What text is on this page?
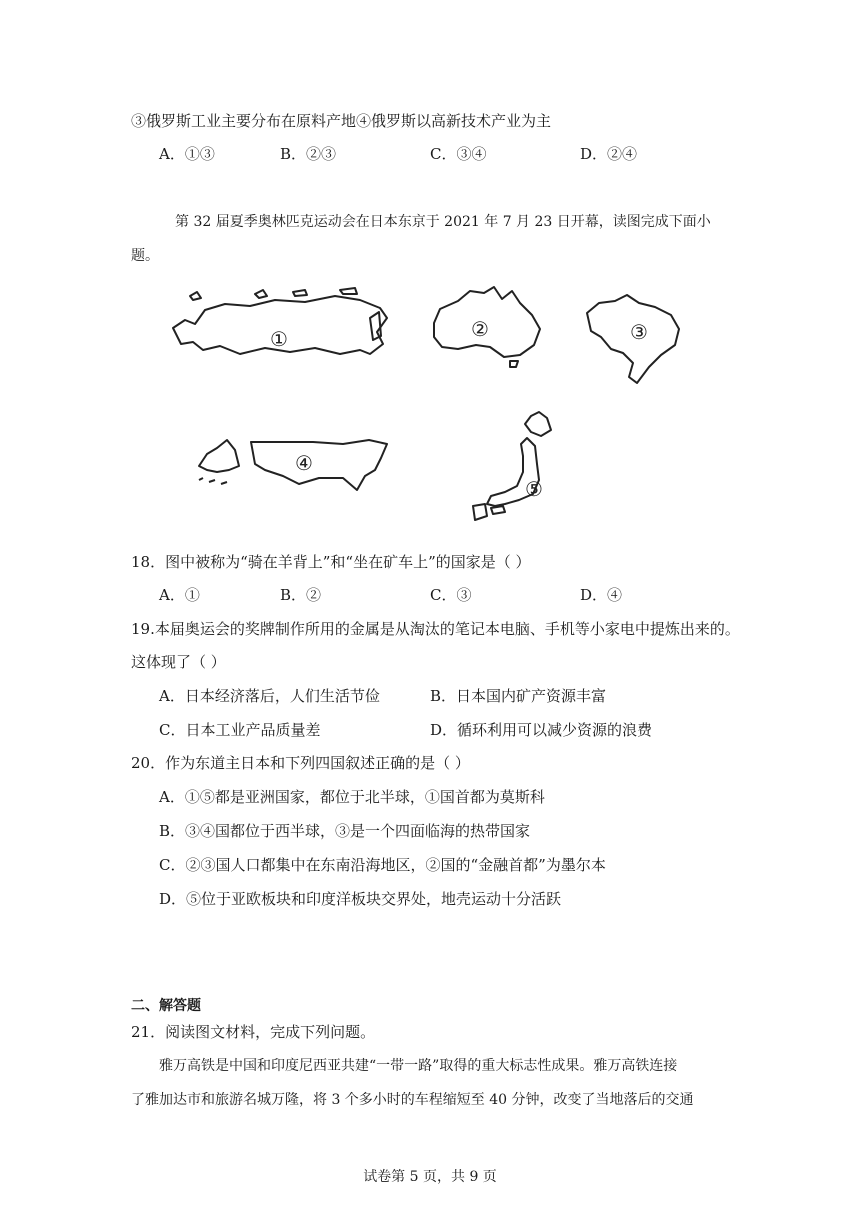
③俄罗斯工业主要分布在原料产地④俄罗斯以高新技术产业为主
A．①③	B．②③	C．③④	D．②④
第 32 届夏季奥林匹克运动会在日本东京于 2021 年 7 月 23 日开幕，读图完成下面小
题。
①	②	③
④
⑤
18．图中被称为“骑在羊背上”和“坐在矿车上”的国家是（ ）
A．①	B．②	C．③	D．④
19.本届奥运会的奖牌制作所用的金属是从淘汰的笔记本电脑、手机等小家电中提炼出来的。
这体现了（ ）
A．日本经济落后，人们生活节俭	B．日本国内矿产资源丰富
C．日本工业产品质量差	D．循环利用可以减少资源的浪费
20．作为东道主日本和下列四国叙述正确的是（ ）
A．①⑤都是亚洲国家，都位于北半球，①国首都为莫斯科
B．③④国都位于西半球，③是一个四面临海的热带国家
C．②③国人口都集中在东南沿海地区，②国的“金融首都”为墨尔本
D．⑤位于亚欧板块和印度洋板块交界处，地壳运动十分活跃
二、解答题
21．阅读图文材料，完成下列问题。
雅万高铁是中国和印度尼西亚共建“一带一路”取得的重大标志性成果。雅万高铁连接
了雅加达市和旅游名城万隆，将 3 个多小时的车程缩短至 40 分钟，改变了当地落后的交通
试卷第 5 页，共 9 页
